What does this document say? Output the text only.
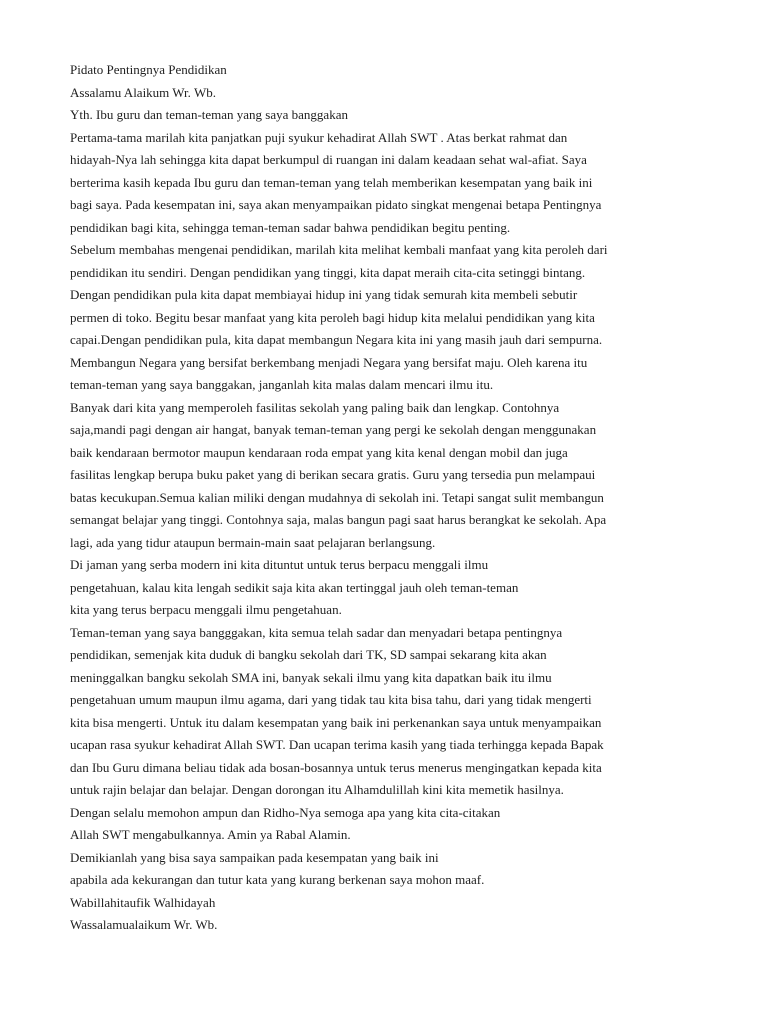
Pidato Pentingnya Pendidikan
Assalamu Alaikum Wr. Wb.
Yth. Ibu guru dan teman-teman yang saya banggakan
Pertama-tama marilah kita panjatkan puji syukur kehadirat Allah SWT . Atas berkat rahmat dan
hidayah-Nya lah sehingga kita dapat berkumpul di ruangan ini dalam keadaan sehat wal-afiat. Saya
berterima kasih kepada Ibu guru dan teman-teman yang telah memberikan kesempatan yang baik ini
bagi saya. Pada kesempatan ini, saya akan menyampaikan pidato singkat mengenai betapa Pentingnya
pendidikan bagi kita, sehingga teman-teman sadar bahwa pendidikan begitu penting.
Sebelum membahas mengenai pendidikan, marilah kita melihat kembali manfaat yang kita peroleh dari
pendidikan itu sendiri. Dengan pendidikan yang tinggi, kita dapat meraih cita-cita setinggi bintang.
Dengan pendidikan pula kita dapat membiayai hidup ini yang tidak semurah kita membeli sebutir
permen di toko. Begitu besar manfaat yang kita peroleh bagi hidup kita melalui pendidikan yang kita
capai.Dengan pendidikan pula, kita dapat membangun Negara kita ini yang masih jauh dari sempurna.
Membangun Negara yang bersifat berkembang menjadi Negara yang bersifat maju. Oleh karena itu
teman-teman yang saya banggakan, janganlah kita malas dalam mencari ilmu itu.
Banyak dari kita yang memperoleh fasilitas sekolah yang paling baik dan lengkap. Contohnya
saja,mandi pagi dengan air hangat, banyak teman-teman yang pergi ke sekolah dengan menggunakan
baik kendaraan bermotor maupun kendaraan roda empat yang kita kenal dengan mobil dan juga
fasilitas lengkap berupa buku paket yang di berikan secara gratis. Guru yang tersedia pun melampaui
batas kecukupan.Semua kalian miliki dengan mudahnya di sekolah ini. Tetapi sangat sulit membangun
semangat belajar yang tinggi. Contohnya saja, malas bangun pagi saat harus berangkat ke sekolah. Apa
lagi, ada yang tidur ataupun bermain-main saat pelajaran berlangsung.
Di jaman yang serba modern ini kita dituntut untuk terus berpacu menggali ilmu
pengetahuan, kalau kita lengah sedikit saja kita akan tertinggal jauh oleh teman-teman
kita yang terus berpacu menggali ilmu pengetahuan.
Teman-teman yang saya bangggakan, kita semua telah sadar dan menyadari betapa pentingnya
pendidikan, semenjak kita duduk di bangku sekolah dari TK, SD sampai sekarang kita akan
meninggalkan bangku sekolah SMA ini, banyak sekali ilmu yang kita dapatkan baik itu ilmu
pengetahuan umum maupun ilmu agama, dari yang tidak tau kita bisa tahu, dari yang tidak mengerti
kita bisa mengerti. Untuk itu dalam kesempatan yang baik ini perkenankan saya untuk menyampaikan
ucapan rasa syukur kehadirat Allah SWT. Dan ucapan terima kasih yang tiada terhingga kepada Bapak
dan Ibu Guru dimana beliau tidak ada bosan-bosannya untuk terus menerus mengingatkan kepada kita
untuk rajin belajar dan belajar. Dengan dorongan itu Alhamdulillah kini kita memetik hasilnya.
Dengan selalu memohon ampun dan Ridho-Nya semoga apa yang kita cita-citakan
Allah SWT mengabulkannya. Amin ya Rabal Alamin.
Demikianlah yang bisa saya sampaikan pada kesempatan yang baik ini
apabila ada kekurangan dan tutur kata yang kurang berkenan saya mohon maaf.
Wabillahitaufik Walhidayah
Wassalamualaikum Wr. Wb.
